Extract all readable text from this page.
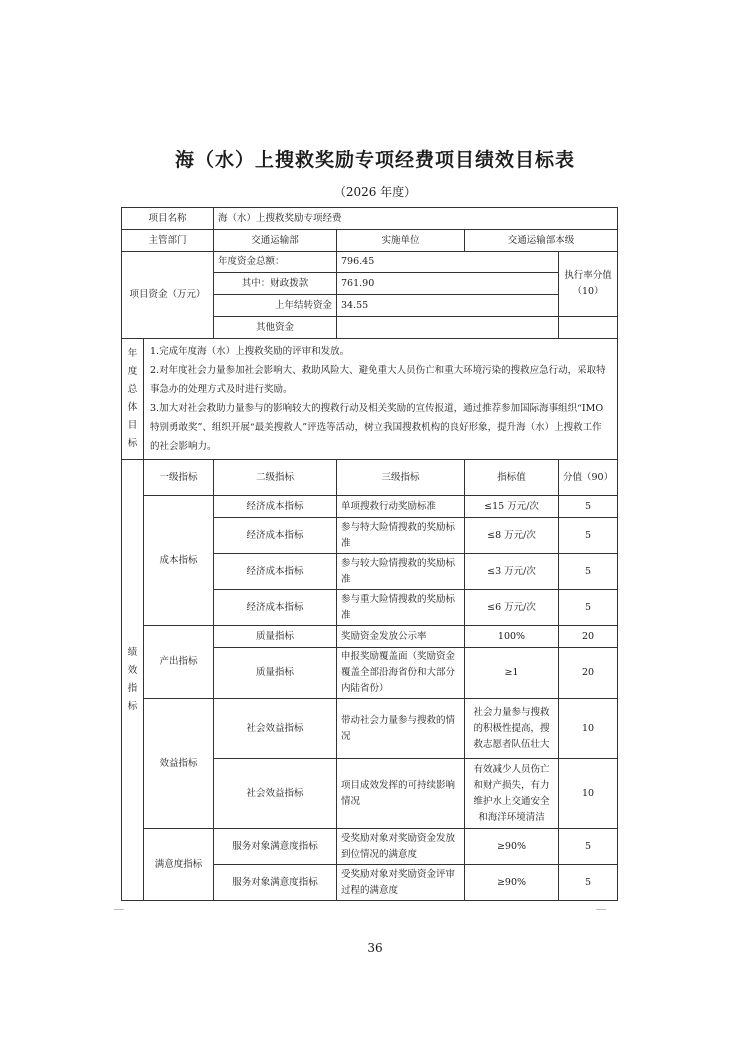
海（水）上搜救奖励专项经费项目绩效目标表
（2026 年度）
项目名称		海（水）上搜救奖励专项经费			
主管部门		交通运输部	实施单位	交通运输部本级	
项目资金（万元）		年度资金总额：	796.45		执行率分值（10）
		其中：财政拨款	761.90		
		上年结转资金	34.55		
		其他资金			
年度总体目标	1.完成年度海（水）上搜救奖励的评审和发放。
2.对年度社会力量参加社会影响大、救助风险大、避免重大人员伤亡和重大环境污染的搜救应急行动，采取特事急办的处理方式及时进行奖励。
3.加大对社会救助力量参与的影响较大的搜救行动及相关奖励的宣传报道，通过推荐参加国际海事组织“IMO 特别勇敢奖”、组织开展“最美搜救人”评选等活动，树立我国搜救机构的良好形象，提升海（水）上搜救工作的社会影响力。				

绩效指标	一级指标	二级指标	三级指标	指标值	分值（90）
	成本指标	经济成本指标	单项搜救行动奖励标准	≤15 万元/次	5
		经济成本指标	参与特大险情搜救的奖励标准	≤8 万元/次	5
		经济成本指标	参与较大险情搜救的奖励标准	≤3 万元/次	5
		经济成本指标	参与重大险情搜救的奖励标准	≤6 万元/次	5
	产出指标	质量指标	奖励资金发放公示率	100%	20
		质量指标	申报奖励覆盖面（奖励资金覆盖全部沿海省份和大部分内陆省份）	≥1	20
	效益指标	社会效益指标	带动社会力量参与搜救的情况	社会力量参与搜救的积极性提高，搜救志愿者队伍壮大	10
		社会效益指标	项目成效发挥的可持续影响情况	有效减少人员伤亡和财产损失，有力维护水上交通安全和海洋环境清洁	10
	满意度指标	服务对象满意度指标	受奖励对象对奖励资金发放到位情况的满意度	≥90%	5
		服务对象满意度指标	受奖励对象对奖励资金评审过程的满意度	≥90%	5
36
